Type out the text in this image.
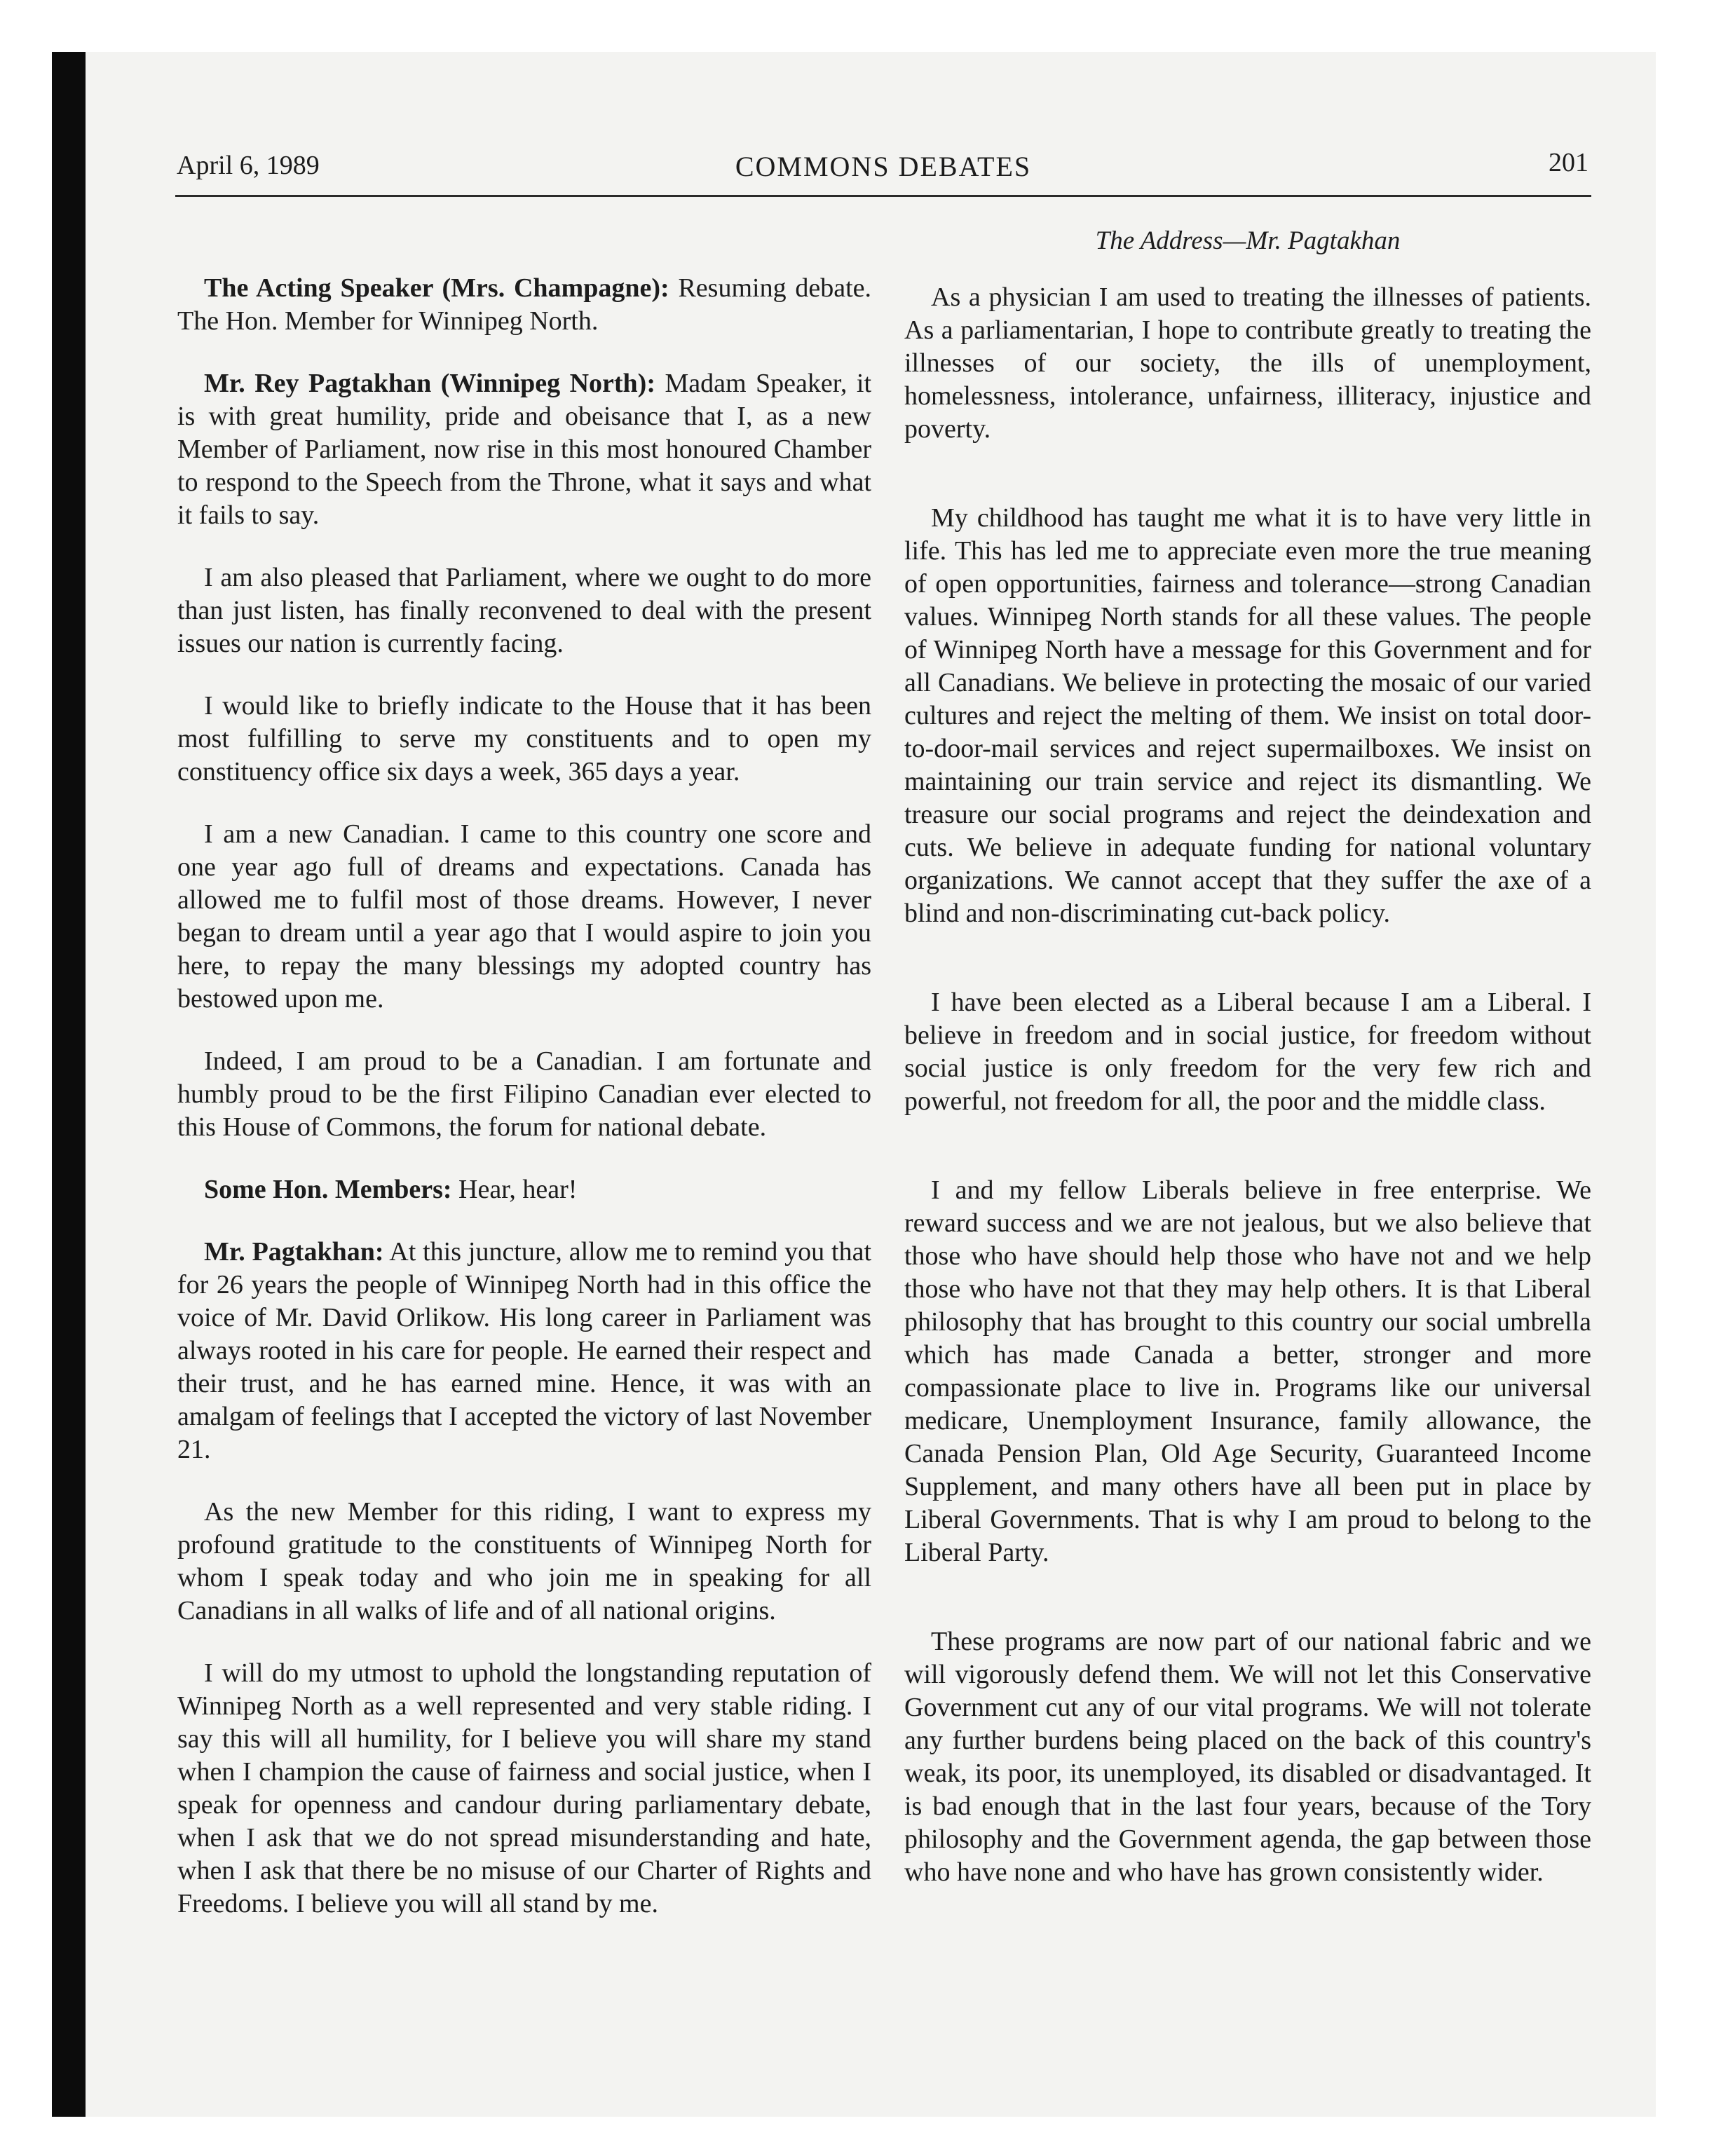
April 6, 1989	COMMONS DEBATES	201

The Acting Speaker (Mrs. Champagne): Resuming debate. The Hon. Member for Winnipeg North.

Mr. Rey Pagtakhan (Winnipeg North): Madam Speaker, it is with great humility, pride and obeisance that I, as a new Member of Parliament, now rise in this most honoured Chamber to respond to the Speech from the Throne, what it says and what it fails to say.

I am also pleased that Parliament, where we ought to do more than just listen, has finally reconvened to deal with the present issues our nation is currently facing.

I would like to briefly indicate to the House that it has been most fulfilling to serve my constituents and to open my constituency office six days a week, 365 days a year.

I am a new Canadian. I came to this country one score and one year ago full of dreams and expectations. Canada has allowed me to fulfil most of those dreams. However, I never began to dream until a year ago that I would aspire to join you here, to repay the many blessings my adopted country has bestowed upon me.

Indeed, I am proud to be a Canadian. I am fortunate and humbly proud to be the first Filipino Canadian ever elected to this House of Commons, the forum for national debate.

Some Hon. Members: Hear, hear!

Mr. Pagtakhan: At this juncture, allow me to remind you that for 26 years the people of Winnipeg North had in this office the voice of Mr. David Orlikow. His long career in Parliament was always rooted in his care for people. He earned their respect and their trust, and he has earned mine. Hence, it was with an amalgam of feelings that I accepted the victory of last November 21.

As the new Member for this riding, I want to express my profound gratitude to the constituents of Winnipeg North for whom I speak today and who join me in speaking for all Canadians in all walks of life and of all national origins.

I will do my utmost to uphold the longstanding reputation of Winnipeg North as a well represented and very stable riding. I say this will all humility, for I believe you will share my stand when I champion the cause of fairness and social justice, when I speak for openness and candour during parliamentary debate, when I ask that we do not spread misunderstanding and hate, when I ask that there be no misuse of our Charter of Rights and Freedoms. I believe you will all stand by me.

The Address—Mr. Pagtakhan

As a physician I am used to treating the illnesses of patients. As a parliamentarian, I hope to contribute greatly to treating the illnesses of our society, the ills of unemployment, homelessness, intolerance, unfairness, illiteracy, injustice and poverty.

My childhood has taught me what it is to have very little in life. This has led me to appreciate even more the true meaning of open opportunities, fairness and tolerance—strong Canadian values. Winnipeg North stands for all these values. The people of Winnipeg North have a message for this Government and for all Canadians. We believe in protecting the mosaic of our varied cultures and reject the melting of them. We insist on total door-to-door-mail services and reject supermailboxes. We insist on maintaining our train service and reject its dismantling. We treasure our social programs and reject the deindexation and cuts. We believe in adequate funding for national voluntary organizations. We cannot accept that they suffer the axe of a blind and non-discriminating cut-back policy.

I have been elected as a Liberal because I am a Liberal. I believe in freedom and in social justice, for freedom without social justice is only freedom for the very few rich and powerful, not freedom for all, the poor and the middle class.

I and my fellow Liberals believe in free enterprise. We reward success and we are not jealous, but we also believe that those who have should help those who have not and we help those who have not that they may help others. It is that Liberal philosophy that has brought to this country our social umbrella which has made Canada a better, stronger and more compassionate place to live in. Programs like our universal medicare, Unemployment Insurance, family allowance, the Canada Pension Plan, Old Age Security, Guaranteed Income Supplement, and many others have all been put in place by Liberal Governments. That is why I am proud to belong to the Liberal Party.

These programs are now part of our national fabric and we will vigorously defend them. We will not let this Conservative Government cut any of our vital programs. We will not tolerate any further burdens being placed on the back of this country's weak, its poor, its unemployed, its disabled or disadvantaged. It is bad enough that in the last four years, because of the Tory philosophy and the Government agenda, the gap between those who have none and who have has grown consistently wider.
